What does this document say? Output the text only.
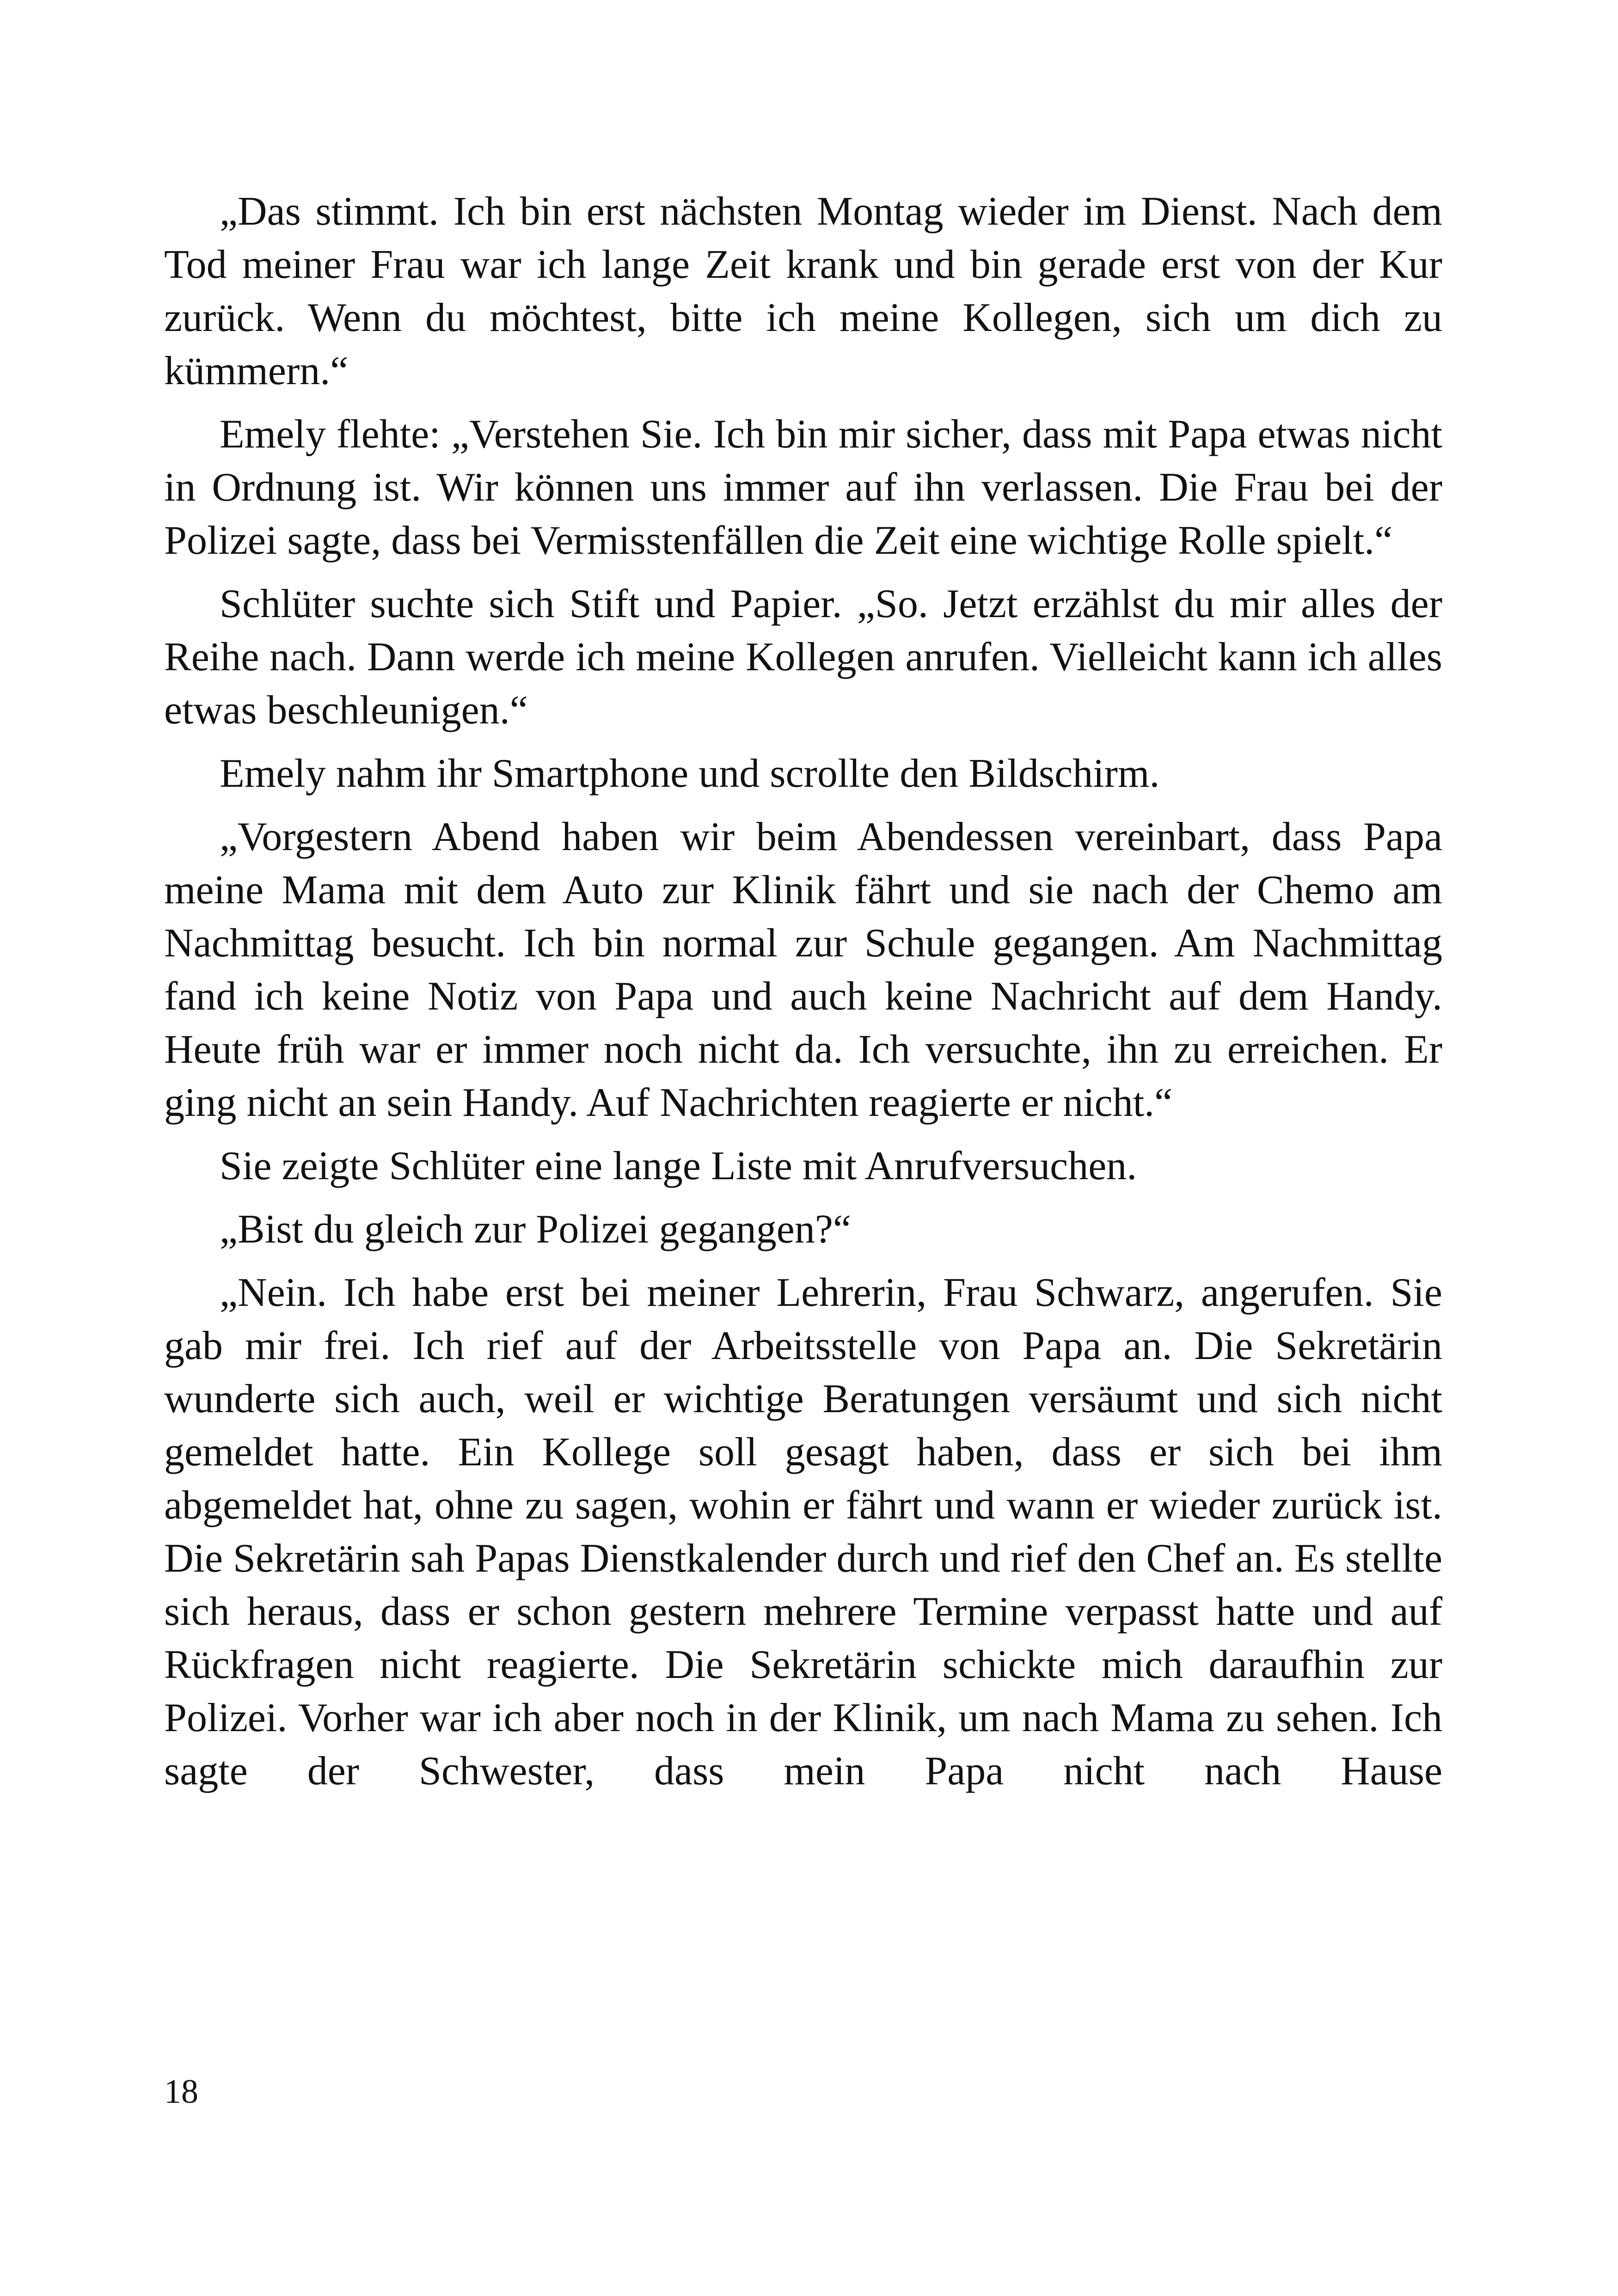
„Das stimmt. Ich bin erst nächsten Montag wieder im Dienst. Nach dem Tod meiner Frau war ich lange Zeit krank und bin gerade erst von der Kur zurück. Wenn du möchtest, bitte ich meine Kollegen, sich um dich zu kümmern.“

Emely flehte: „Verstehen Sie. Ich bin mir sicher, dass mit Papa etwas nicht in Ordnung ist. Wir können uns immer auf ihn verlassen. Die Frau bei der Polizei sagte, dass bei Vermisstenfällen die Zeit eine wichtige Rolle spielt.“

Schlüter suchte sich Stift und Papier. „So. Jetzt erzählst du mir alles der Reihe nach. Dann werde ich meine Kollegen anrufen. Vielleicht kann ich alles etwas beschleunigen.“

Emely nahm ihr Smartphone und scrollte den Bildschirm.

„Vorgestern Abend haben wir beim Abendessen vereinbart, dass Papa meine Mama mit dem Auto zur Klinik fährt und sie nach der Chemo am Nachmittag besucht. Ich bin normal zur Schule gegangen. Am Nachmittag fand ich keine Notiz von Papa und auch keine Nachricht auf dem Handy. Heute früh war er immer noch nicht da. Ich versuchte, ihn zu erreichen. Er ging nicht an sein Handy. Auf Nachrichten reagierte er nicht.“

Sie zeigte Schlüter eine lange Liste mit Anrufversuchen.

„Bist du gleich zur Polizei gegangen?“

„Nein. Ich habe erst bei meiner Lehrerin, Frau Schwarz, angerufen. Sie gab mir frei. Ich rief auf der Arbeitsstelle von Papa an. Die Sekretärin wunderte sich auch, weil er wichtige Beratungen versäumt und sich nicht gemeldet hatte. Ein Kollege soll gesagt haben, dass er sich bei ihm abgemeldet hat, ohne zu sagen, wohin er fährt und wann er wieder zurück ist. Die Sekretärin sah Papas Dienstkalender durch und rief den Chef an. Es stellte sich heraus, dass er schon gestern mehrere Termine verpasst hatte und auf Rückfragen nicht reagierte. Die Sekretärin schickte mich daraufhin zur Polizei. Vorher war ich aber noch in der Klinik, um nach Mama zu sehen. Ich sagte der Schwester, dass mein Papa nicht nach Hause

18
